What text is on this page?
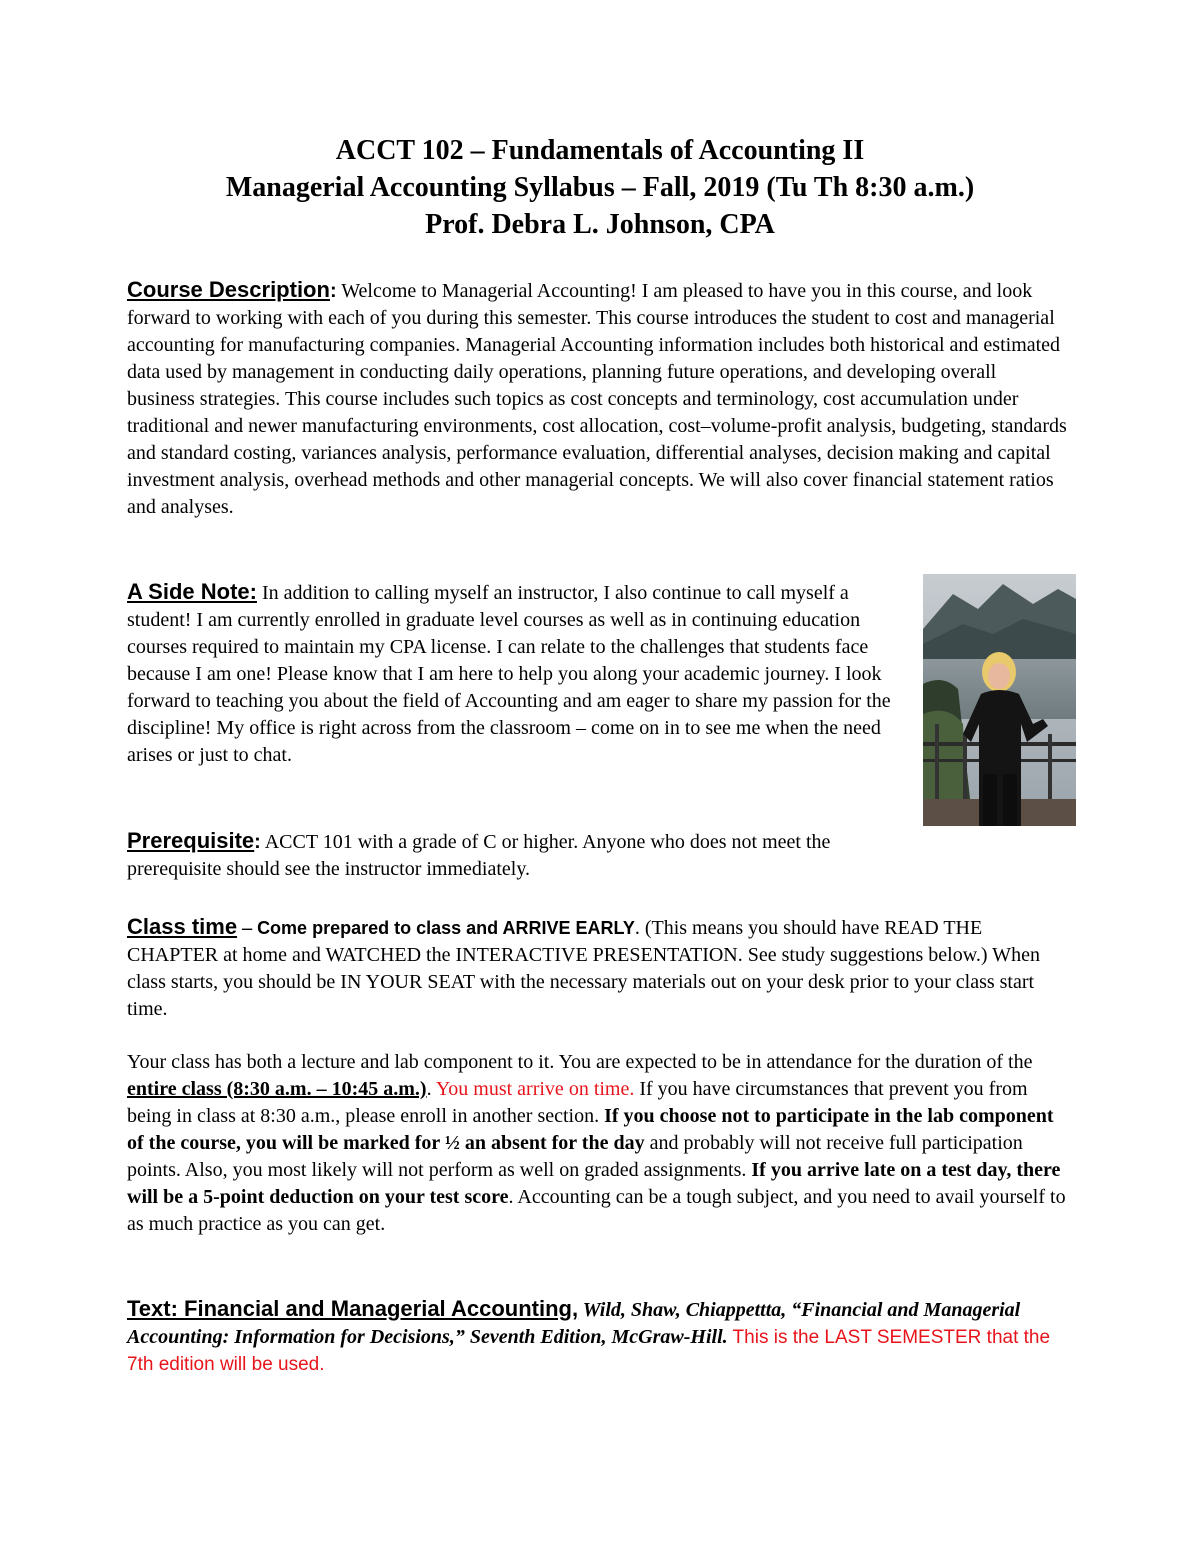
ACCT 102 – Fundamentals of Accounting II
Managerial Accounting Syllabus – Fall, 2019 (Tu Th 8:30 a.m.)
Prof. Debra L. Johnson, CPA
Course Description: Welcome to Managerial Accounting! I am pleased to have you in this course, and look forward to working with each of you during this semester. This course introduces the student to cost and managerial accounting for manufacturing companies. Managerial Accounting information includes both historical and estimated data used by management in conducting daily operations, planning future operations, and developing overall business strategies. This course includes such topics as cost concepts and terminology, cost accumulation under traditional and newer manufacturing environments, cost allocation, cost–volume-profit analysis, budgeting, standards and standard costing, variances analysis, performance evaluation, differential analyses, decision making and capital investment analysis, overhead methods and other managerial concepts. We will also cover financial statement ratios and analyses.
A Side Note: In addition to calling myself an instructor, I also continue to call myself a student! I am currently enrolled in graduate level courses as well as in continuing education courses required to maintain my CPA license. I can relate to the challenges that students face because I am one! Please know that I am here to help you along your academic journey. I look forward to teaching you about the field of Accounting and am eager to share my passion for the discipline! My office is right across from the classroom – come on in to see me when the need arises or just to chat.
Prerequisite: ACCT 101 with a grade of C or higher. Anyone who does not meet the prerequisite should see the instructor immediately.
Class time – Come prepared to class and ARRIVE EARLY. (This means you should have READ THE CHAPTER at home and WATCHED the INTERACTIVE PRESENTATION. See study suggestions below.) When class starts, you should be IN YOUR SEAT with the necessary materials out on your desk prior to your class start time.
Your class has both a lecture and lab component to it. You are expected to be in attendance for the duration of the entire class (8:30 a.m. – 10:45 a.m.). You must arrive on time. If you have circumstances that prevent you from being in class at 8:30 a.m., please enroll in another section. If you choose not to participate in the lab component of the course, you will be marked for ½ an absent for the day and probably will not receive full participation points. Also, you most likely will not perform as well on graded assignments. If you arrive late on a test day, there will be a 5-point deduction on your test score. Accounting can be a tough subject, and you need to avail yourself to as much practice as you can get.
Text: Financial and Managerial Accounting, Wild, Shaw, Chiappettta, “Financial and Managerial Accounting: Information for Decisions,” Seventh Edition, McGraw-Hill. This is the LAST SEMESTER that the 7th edition will be used.
